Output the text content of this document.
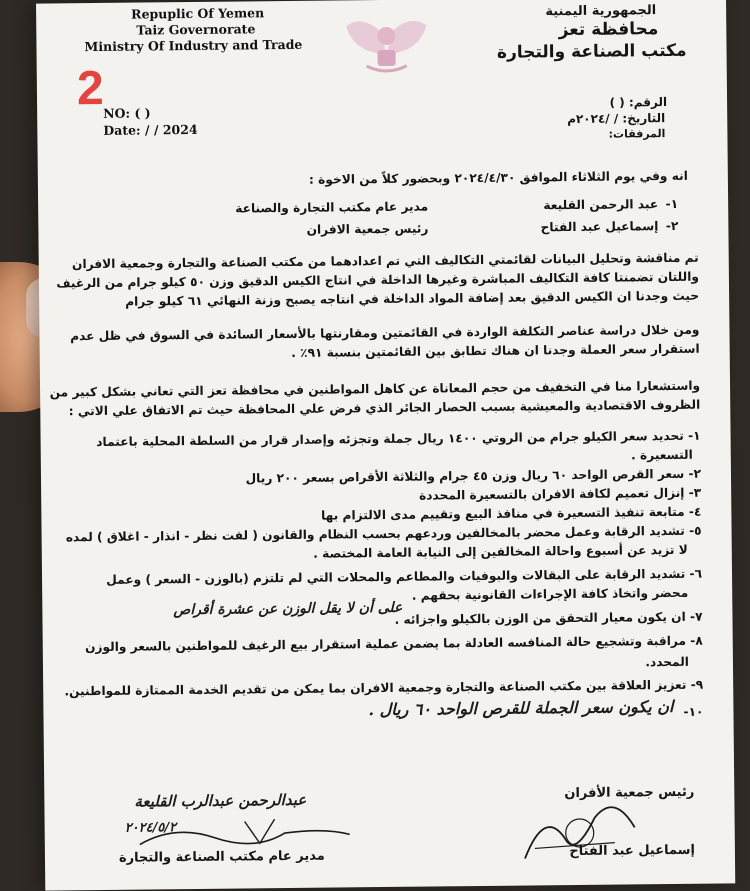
Repuplic Of Yemen
Taiz Governorate
Ministry Of Industry and Trade
الجمهورية اليمنية
محافظة تعز
مكتب الصناعة والتجارة
2 NO: ( )
Date: / / 2024
الرقم: ( )
التاريخ: / /٢٠٢٤م
المرفقات:
انه وفي يوم الثلاثاء الموافق ٢٠٢٤/٤/٣٠ وبحضور كلاً من الاخوة :
١-
عبد الرحمن القليعة
مدير عام مكتب التجارة والصناعة
٢-
إسماعيل عبد الفتاح
رئيس جمعية الافران
تم مناقشة وتحليل البيانات لقائمتي التكاليف التي تم اعدادهما من مكتب الصناعة والتجارة وجمعية الافران
واللتان تضمنتا كافة التكاليف المباشرة وغيرها الداخلة في انتاج الكيس الدقيق وزن ٥٠ كيلو جرام من الرغيف
حيث وجدنا ان الكيس الدقيق بعد إضافة المواد الداخلة في انتاجه يصبح وزنة النهائي ٦١ كيلو جرام
ومن خلال دراسة عناصر التكلفة الواردة في القائمتين ومقارنتها بالأسعار السائدة في السوق في ظل عدم
استقرار سعر العملة وجدنا ان هناك تطابق بين القائمتين بنسبة ٩١٪ .
واستشعارا منا في التخفيف من حجم المعاناة عن كاهل المواطنين في محافظة تعز التي تعاني بشكل كبير من
الظروف الاقتصادية والمعيشية بسبب الحصار الجائر الذي فرض علي المحافظة حيث تم الاتفاق علي الاتي :
١- تحديد سعر الكيلو جرام من الروتي ١٤٠٠ ريال جملة وتجزئه وإصدار قرار من السلطة المحلية باعتماد
التسعيرة .
٢- سعر القرص الواحد ٦٠ ريال وزن ٤٥ جرام والثلاثة الأقراص بسعر ٢٠٠ ريال
٣- إنزال تعميم لكافة الافران بالتسعيرة المحددة
٤- متابعة تنفيذ التسعيرة في منافذ البيع وتقييم مدى الالتزام بها
٥- تشديد الرقابة وعمل محضر بالمخالفين وردعهم بحسب النظام والقانون ( لفت نظر - انذار - اغلاق ) لمده
لا تزيد عن أسبوع واحالة المخالفين إلى النيابة العامة المختصة .
٦- تشديد الرقابة على البقالات والبوفيات والمطاعم والمحلات التي لم تلتزم (بالوزن - السعر ) وعمل
محضر واتخاذ كافة الإجراءات القانونية بحقهم .
٧- ان يكون معيار التحقق من الوزن بالكيلو واجزائه .
على أن لا يقل الوزن عن عشرة أقراص
٨- مراقبة وتشجيع حالة المنافسه العادلة بما يضمن عملية استقرار بيع الرغيف للمواطنين بالسعر والوزن
المحدد.
٩- تعزيز العلاقة بين مكتب الصناعة والتجارة وجمعية الافران بما يمكن من تقديم الخدمة الممتازة للمواطنين.
١٠-
ان يكون سعر الجملة للقرص الواحد ٦٠ ريال .
عبدالرحمن عبدالرب القليعة
٢٠٢٤/٥/٢
مدير عام مكتب الصناعة والتجارة
رئيس جمعية الأفران
إسماعيل عبد الفتاح
